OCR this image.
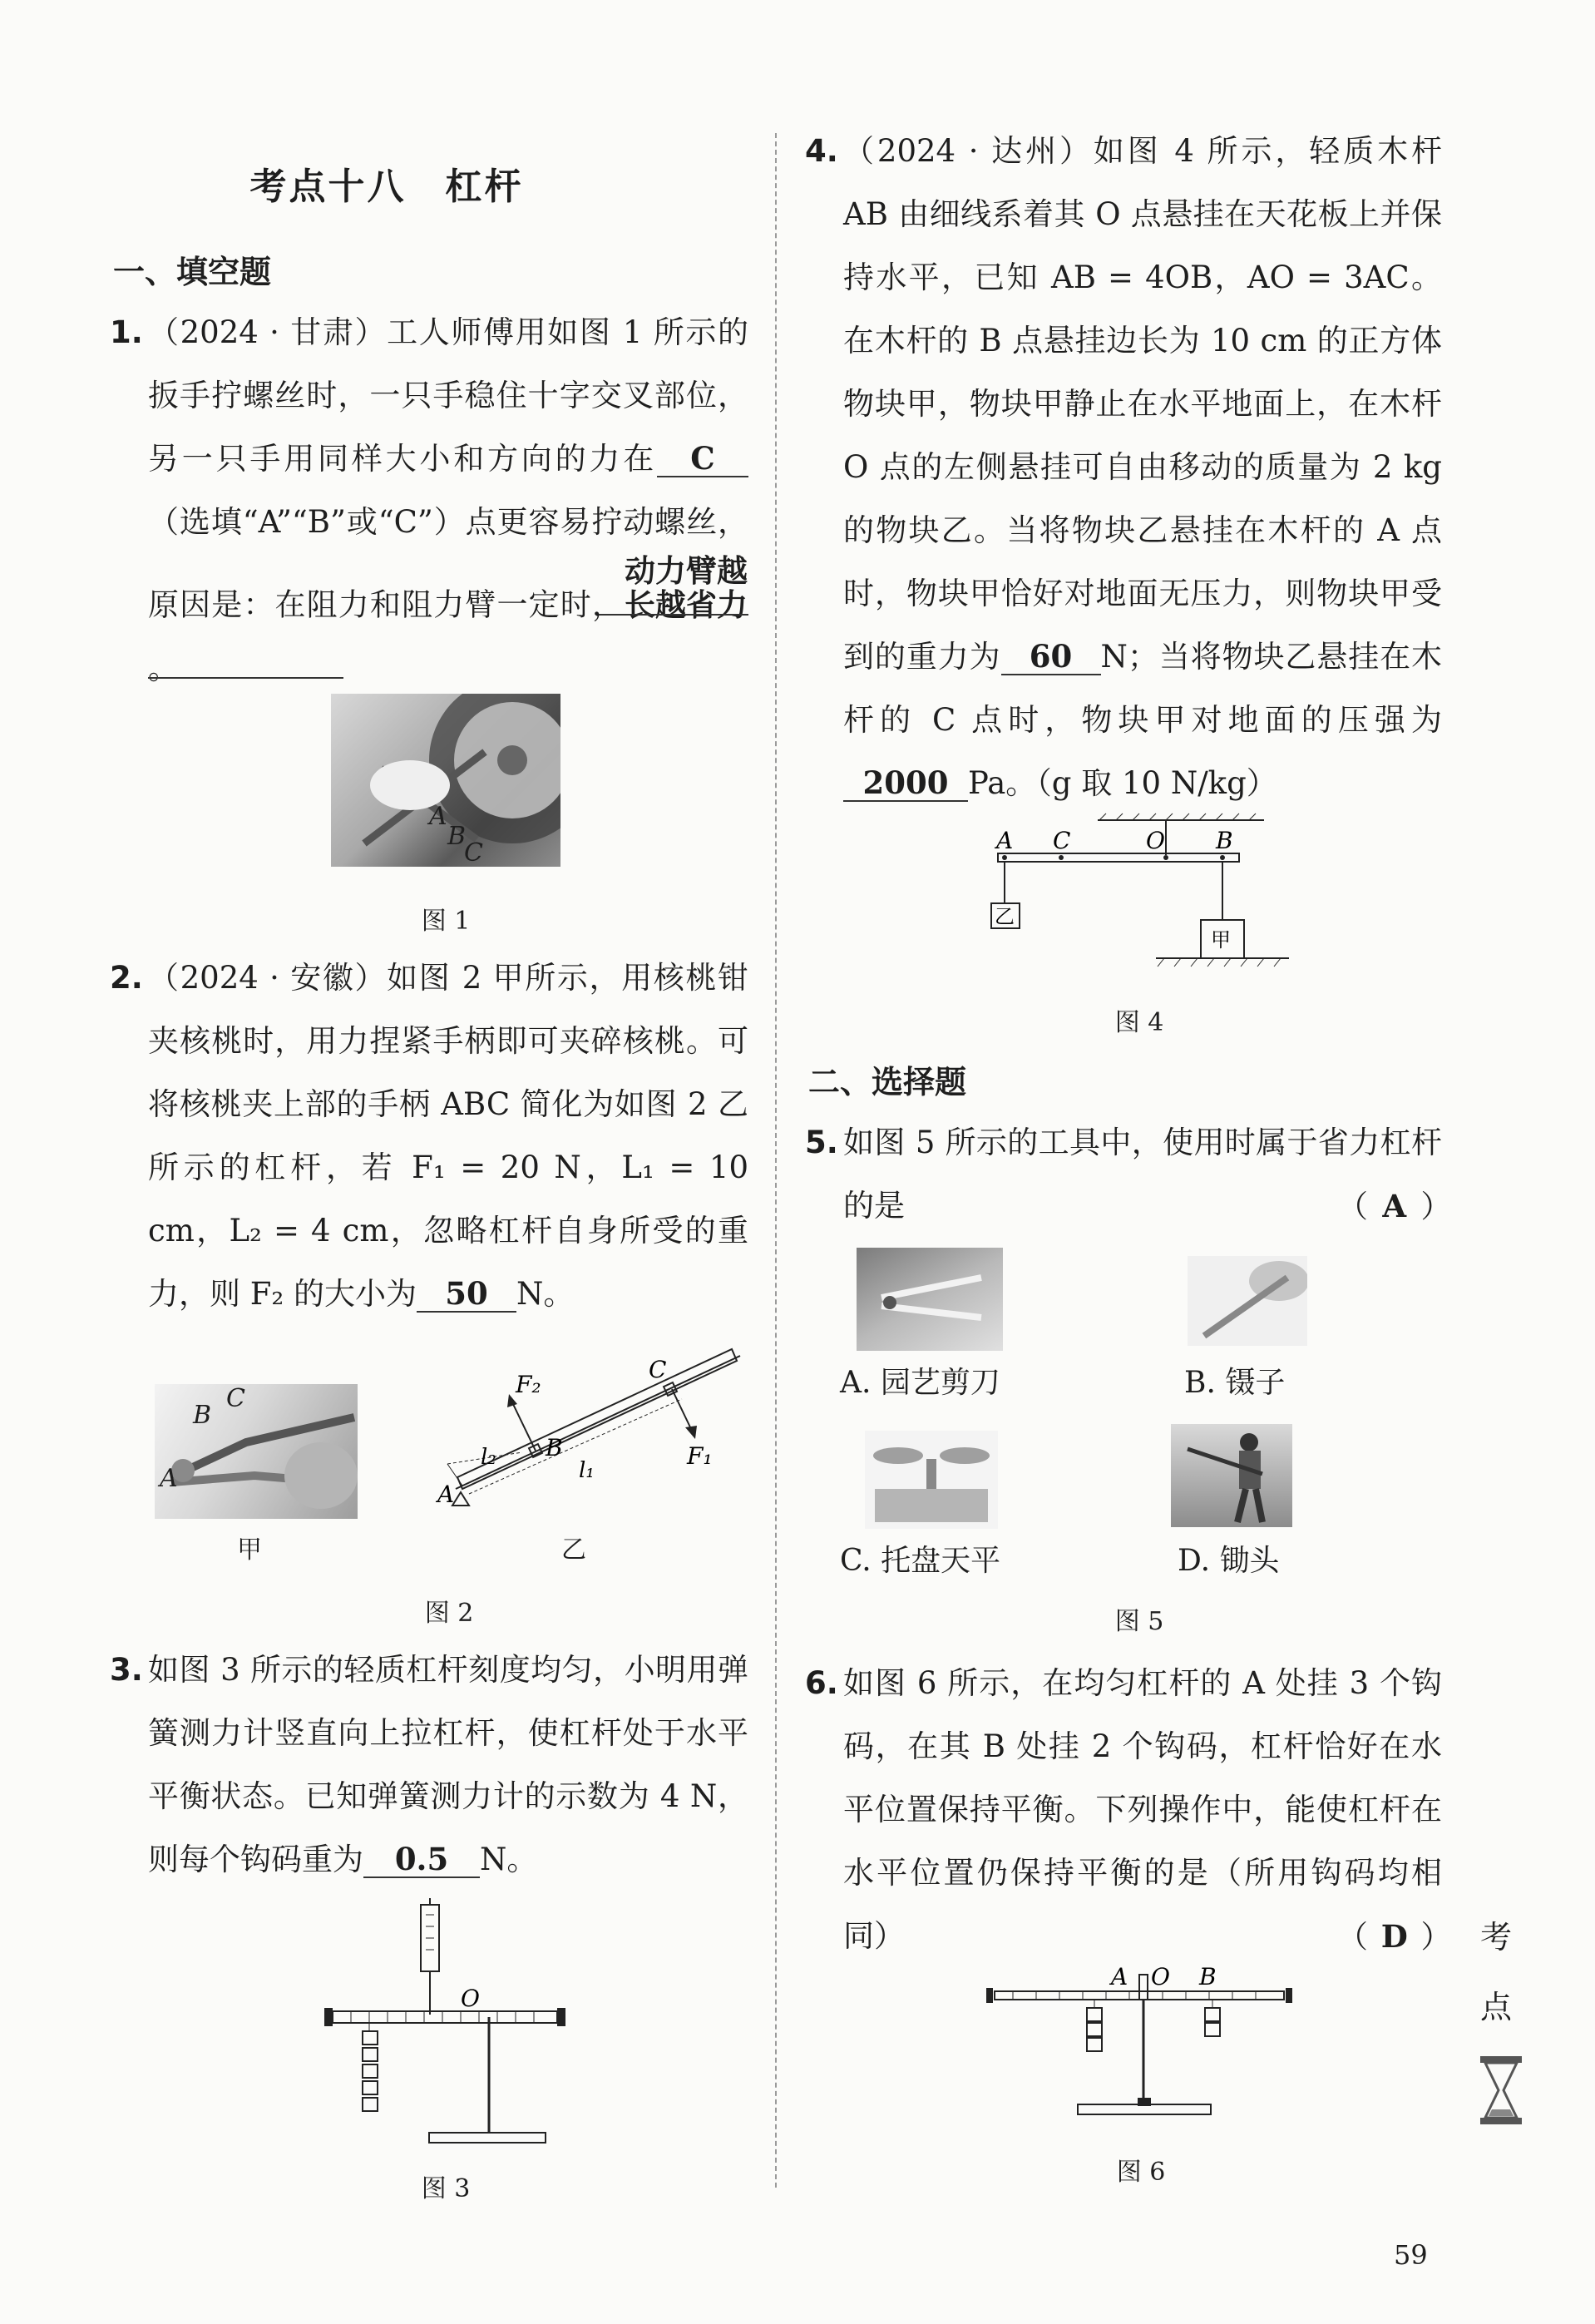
考点十八　杠杆
一、填空题
1. （2024 · 甘肃）工人师傅用如图 1 所示的扳手拧螺丝时，一只手稳住十字交叉部位，另一只手用同样大小和方向的力在 C（选填“A”“B”或“C”）点更容易拧动螺丝，原因是：在阻力和阻力臂一定时，动力臂越长越省力。
A
B
C
图 1
2. （2024 · 安徽）如图 2 甲所示，用核桃钳夹核桃时，用力捏紧手柄即可夹碎核桃。可将核桃夹上部的手柄 ABC 简化为如图 2 乙所示的杠杆，若 F₁ = 20 N，L₁ = 10 cm，L₂ = 4 cm，忽略杠杆自身所受的重力，则 F₂ 的大小为 50 N。
B
C
A
甲
F₂
B
C
F₁
l₂
l₁
A
乙
图 2
3. 如图 3 所示的轻质杠杆刻度均匀，小明用弹簧测力计竖直向上拉杠杆，使杠杆处于水平平衡状态。已知弹簧测力计的示数为 4 N，则每个钩码重为 0.5 N。
O
图 3
4. （2024 · 达州）如图 4 所示，轻质木杆 AB 由细线系着其 O 点悬挂在天花板上并保持水平，已知 AB = 4OB，AO = 3AC。在木杆的 B 点悬挂边长为 10 cm 的正方体物块甲，物块甲静止在水平地面上，在木杆 O 点的左侧悬挂可自由移动的质量为 2 kg 的物块乙。当将物块乙悬挂在木杆的 A 点时，物块甲恰好对地面无压力，则物块甲受到的重力为 60 N；当将物块乙悬挂在木杆的 C 点时，物块甲对地面的压强为2000 Pa。（g 取 10 N/kg）
A C	O B
乙
甲
图 4
二、选择题
5. 如图 5 所示的工具中，使用时属于省力杠杆的是	（ A ）
A. 园艺剪刀	B. 镊子
C. 托盘天平	D. 锄头
图 5
6. 如图 6 所示，在均匀杠杆的 A 处挂 3 个钩码，在其 B 处挂 2 个钩码，杠杆恰好在水平位置保持平衡。下列操作中，能使杠杆在水平位置仍保持平衡的是（所用钩码均相同）	（ D ）
A O B
图 6
考
点
59
